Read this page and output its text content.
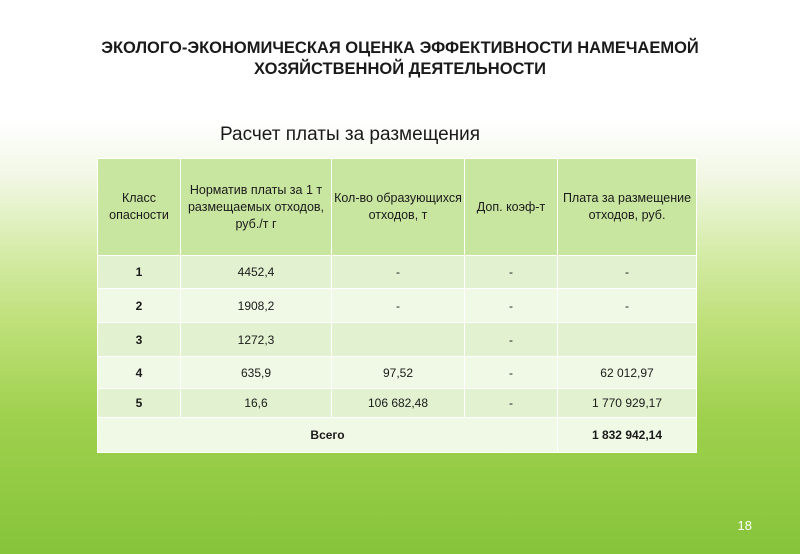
ЭКОЛОГО-ЭКОНОМИЧЕСКАЯ ОЦЕНКА ЭФФЕКТИВНОСТИ НАМЕЧАЕМОЙ
ХОЗЯЙСТВЕННОЙ ДЕЯТЕЛЬНОСТИ
Расчет платы за размещения
Класс опасности	Норматив платы за 1 т размещаемых отходов, руб./т г	Кол-во образующихся отходов, т	Доп. коэф-т	Плата за размещение отходов, руб.
1	4452,4	-	-	-
2	1908,2	-	-	-
3	1272,3		-	
4	635,9	97,52	-	62 012,97
5	16,6	106 682,48	-	1 770 929,17
Всего				1 832 942,14
18
